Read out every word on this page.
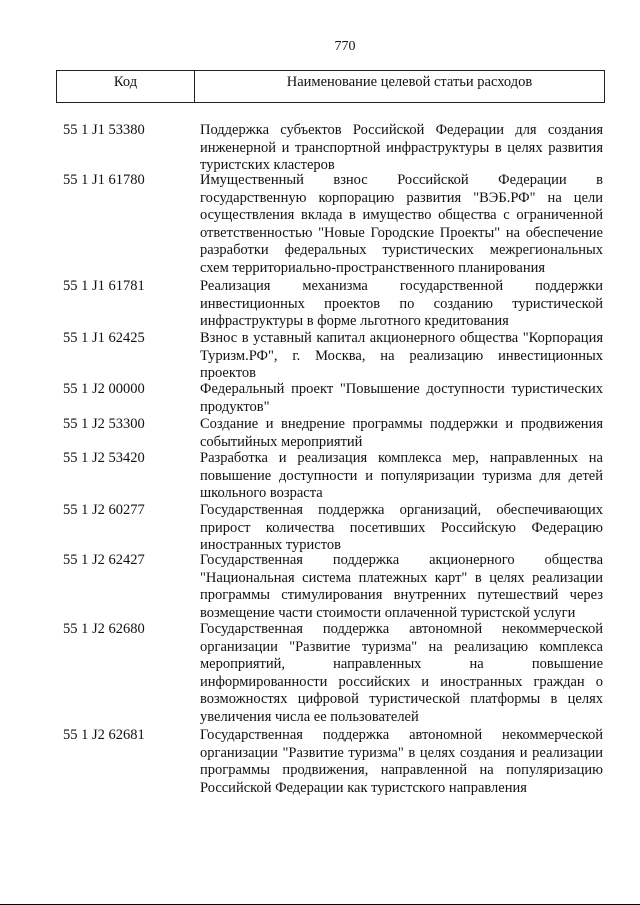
770
Код	Наименование целевой статьи расходов
55 1 J1 53380	Поддержка субъектов Российской Федерации для создания
инженерной и транспортной инфраструктуры в целях развития
туристских кластеров
55 1 J1 61780	Имущественный взнос Российской Федерации в
государственную корпорацию развития "ВЭБ.РФ" на цели
осуществления вклада в имущество общества с ограниченной
ответственностью "Новые Городские Проекты" на обеспечение
разработки федеральных туристических межрегиональных
схем территориально-пространственного планирования
55 1 J1 61781	Реализация механизма государственной поддержки
инвестиционных проектов по созданию туристической
инфраструктуры в форме льготного кредитования
55 1 J1 62425	Взнос в уставный капитал акционерного общества "Корпорация
Туризм.РФ", г. Москва, на реализацию инвестиционных
проектов
55 1 J2 00000	Федеральный проект "Повышение доступности туристических
продуктов"
55 1 J2 53300	Создание и внедрение программы поддержки и продвижения
событийных мероприятий
55 1 J2 53420	Разработка и реализация комплекса мер, направленных на
повышение доступности и популяризации туризма для детей
школьного возраста
55 1 J2 60277	Государственная поддержка организаций, обеспечивающих
прирост количества посетивших Российскую Федерацию
иностранных туристов
55 1 J2 62427	Государственная поддержка акционерного общества
"Национальная система платежных карт" в целях реализации
программы стимулирования внутренних путешествий через
возмещение части стоимости оплаченной туристской услуги
55 1 J2 62680	Государственная поддержка автономной некоммерческой
организации "Развитие туризма" на реализацию комплекса
мероприятий, направленных на повышение
информированности российских и иностранных граждан о
возможностях цифровой туристической платформы в целях
увеличения числа ее пользователей
55 1 J2 62681	Государственная поддержка автономной некоммерческой
организации "Развитие туризма" в целях создания и реализации
программы продвижения, направленной на популяризацию
Российской Федерации как туристского направления
